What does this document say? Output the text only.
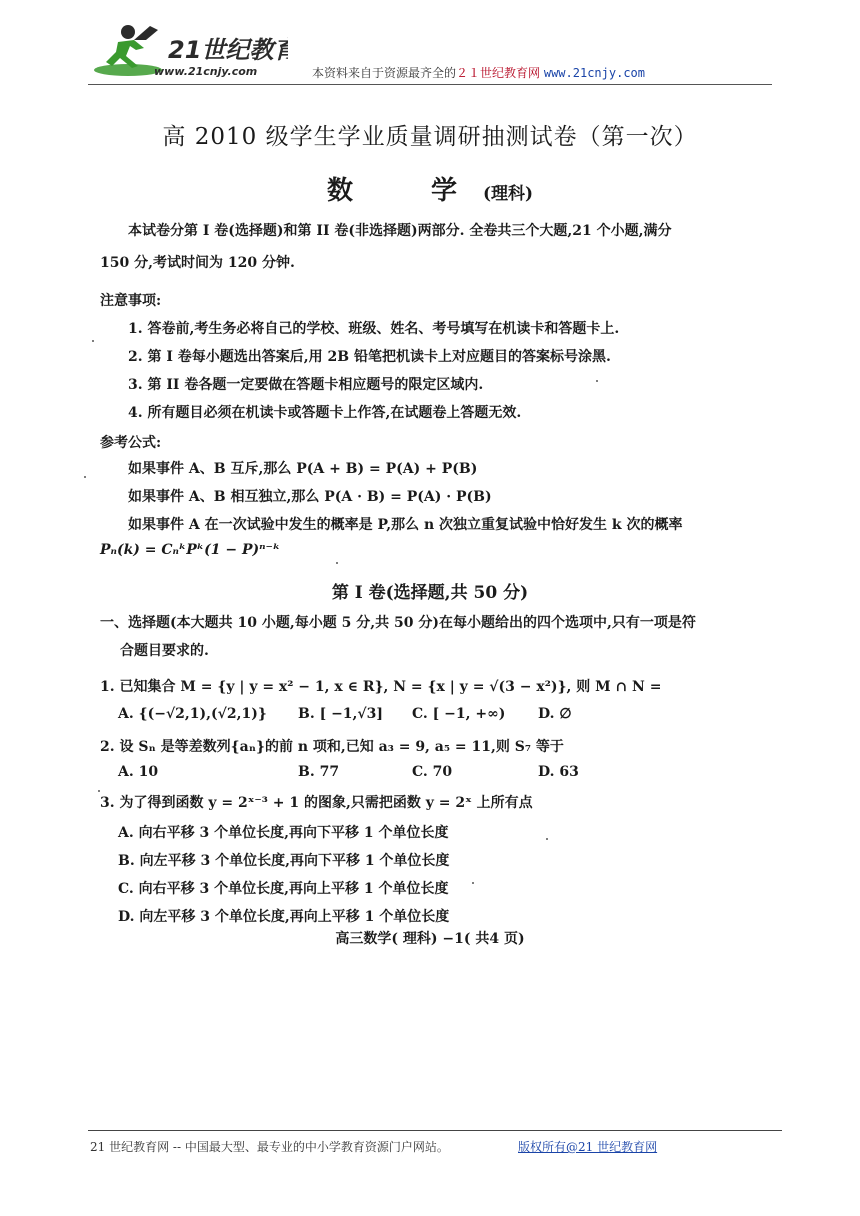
21世纪教育
www.21cnjy.com	本资料来自于资源最齐全的２１世纪教育网 www.21cnjy.com
高 2010 级学生学业质量调研抽测试卷（第一次）
数　学(理科)
本试卷分第 I 卷(选择题)和第 II 卷(非选择题)两部分. 全卷共三个大题,21 个小题,满分
150 分,考试时间为 120 分钟.
注意事项:
1. 答卷前,考生务必将自己的学校、班级、姓名、考号填写在机读卡和答题卡上.
2. 第 I 卷每小题选出答案后,用 2B 铅笔把机读卡上对应题目的答案标号涂黑.
3. 第 II 卷各题一定要做在答题卡相应题号的限定区域内.
4. 所有题目必须在机读卡或答题卡上作答,在试题卷上答题无效.
参考公式:
如果事件 A、B 互斥,那么 P(A + B) = P(A) + P(B)
如果事件 A、B 相互独立,那么 P(A · B) = P(A) · P(B)
如果事件 A 在一次试验中发生的概率是 P,那么 n 次独立重复试验中恰好发生 k 次的概率
Pₙ(k) = CₙᵏPᵏ(1 − P)ⁿ⁻ᵏ
第 I 卷(选择题,共 50 分)
一、选择题(本大题共 10 小题,每小题 5 分,共 50 分)在每小题给出的四个选项中,只有一项是符
合题目要求的.
1. 已知集合 M = {y | y = x² − 1, x ∈ R}, N = {x | y = √(3 − x²)}, 则 M ∩ N =
A. {(−√2,1),(√2,1)} B. [ −1,√3] C. [ −1, +∞) D. ∅
2. 设 Sₙ 是等差数列{aₙ}的前 n 项和,已知 a₃ = 9, a₅ = 11,则 S₇ 等于
A. 10	B. 77	C. 70	D. 63
3. 为了得到函数 y = 2ˣ⁻³ + 1 的图象,只需把函数 y = 2ˣ 上所有点
A. 向右平移 3 个单位长度,再向下平移 1 个单位长度
B. 向左平移 3 个单位长度,再向下平移 1 个单位长度
C. 向右平移 3 个单位长度,再向上平移 1 个单位长度
D. 向左平移 3 个单位长度,再向上平移 1 个单位长度
高三数学( 理科) −1( 共4 页)
21 世纪教育网 -- 中国最大型、最专业的中小学教育资源门户网站。	版权所有@21 世纪教育网
